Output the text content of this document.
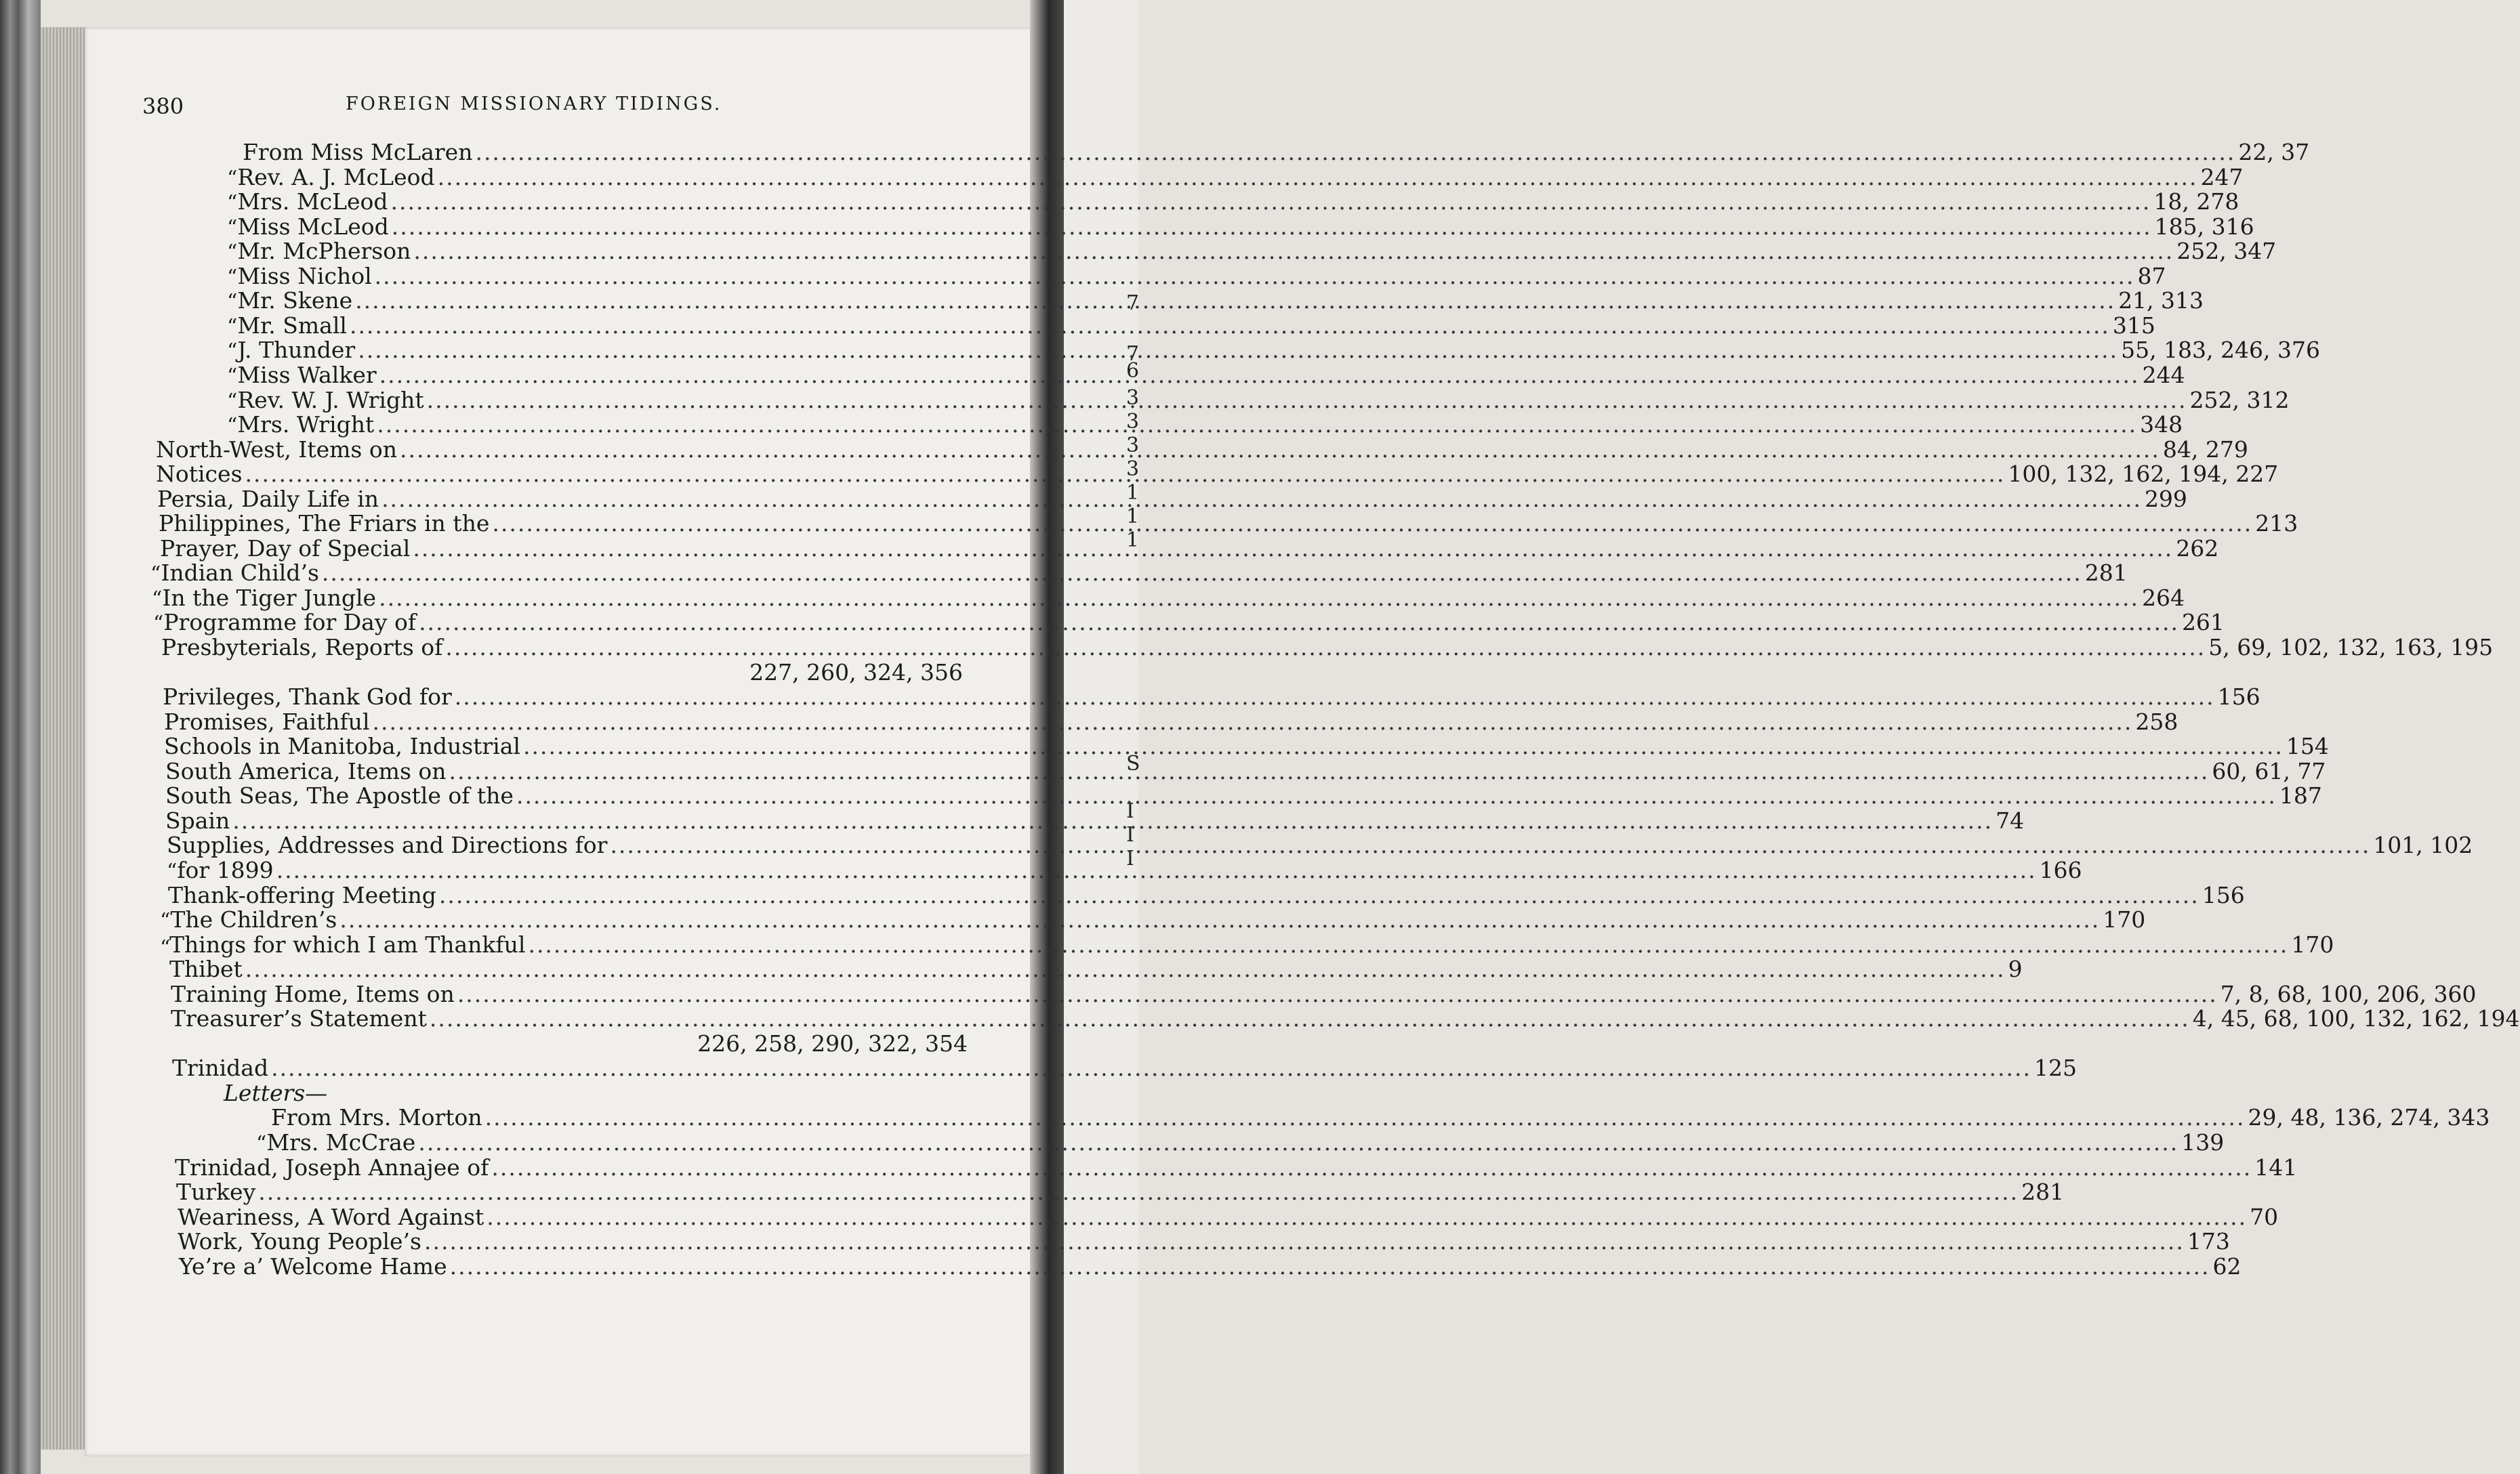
7
7
6
3
3
3
3
1
1
1
S
I
I
I
380	FOREIGN MISSIONARY TIDINGS.
From Miss McLaren .....	22, 37
“ Rev. A. J. McLeod .....	247
“ Mrs. McLeod .....	18, 278
“ Miss McLeod .....	185, 316
“ Mr. McPherson .....	252, 347
“ Miss Nichol .....	87
“ Mr. Skene .....	21, 313
“ Mr. Small .....	315
“ J. Thunder .....	55, 183, 246, 376
“ Miss Walker .....	244
“ Rev. W. J. Wright .....	252, 312
“ Mrs. Wright .....	348
North-West, Items on .....	84, 279
Notices .....	100, 132, 162, 194, 227
Persia, Daily Life in .....	299
Philippines, The Friars in the .....	213
Prayer, Day of Special .....	262
“ Indian Child’s .....	281
“ In the Tiger Jungle .....	264
“ Programme for Day of .....	261
Presbyterials, Reports of .....	5, 69, 102, 132, 163, 195
227, 260, 324, 356
Privileges, Thank God for .....	156
Promises, Faithful .....	258
Schools in Manitoba, Industrial .....	154
South America, Items on .....	60, 61, 77
South Seas, The Apostle of the .....	187
Spain .....	74
Supplies, Addresses and Directions for .....	101, 102
“ for 1899 .....	166
Thank-offering Meeting .....	156
“ “
The Children’s .....	170
Things for which I am Thankful .....	170
Thibet .....	9
Training Home, Items on .....	7, 8, 68, 100, 206, 360
Treasurer’s Statement .....	4, 45, 68, 100, 132, 162, 194
226, 258, 290, 322, 354
Trinidad .....	125
Letters—
From Mrs. Morton .....	29, 48, 136, 274, 343
“ Mrs. McCrae .....	139
Trinidad, Joseph Annajee of .....	141
Turkey .....	281
Weariness, A Word Against .....	70
Work, Young People’s .....	173
Ye’re a’ Welcome Hame .....	62
